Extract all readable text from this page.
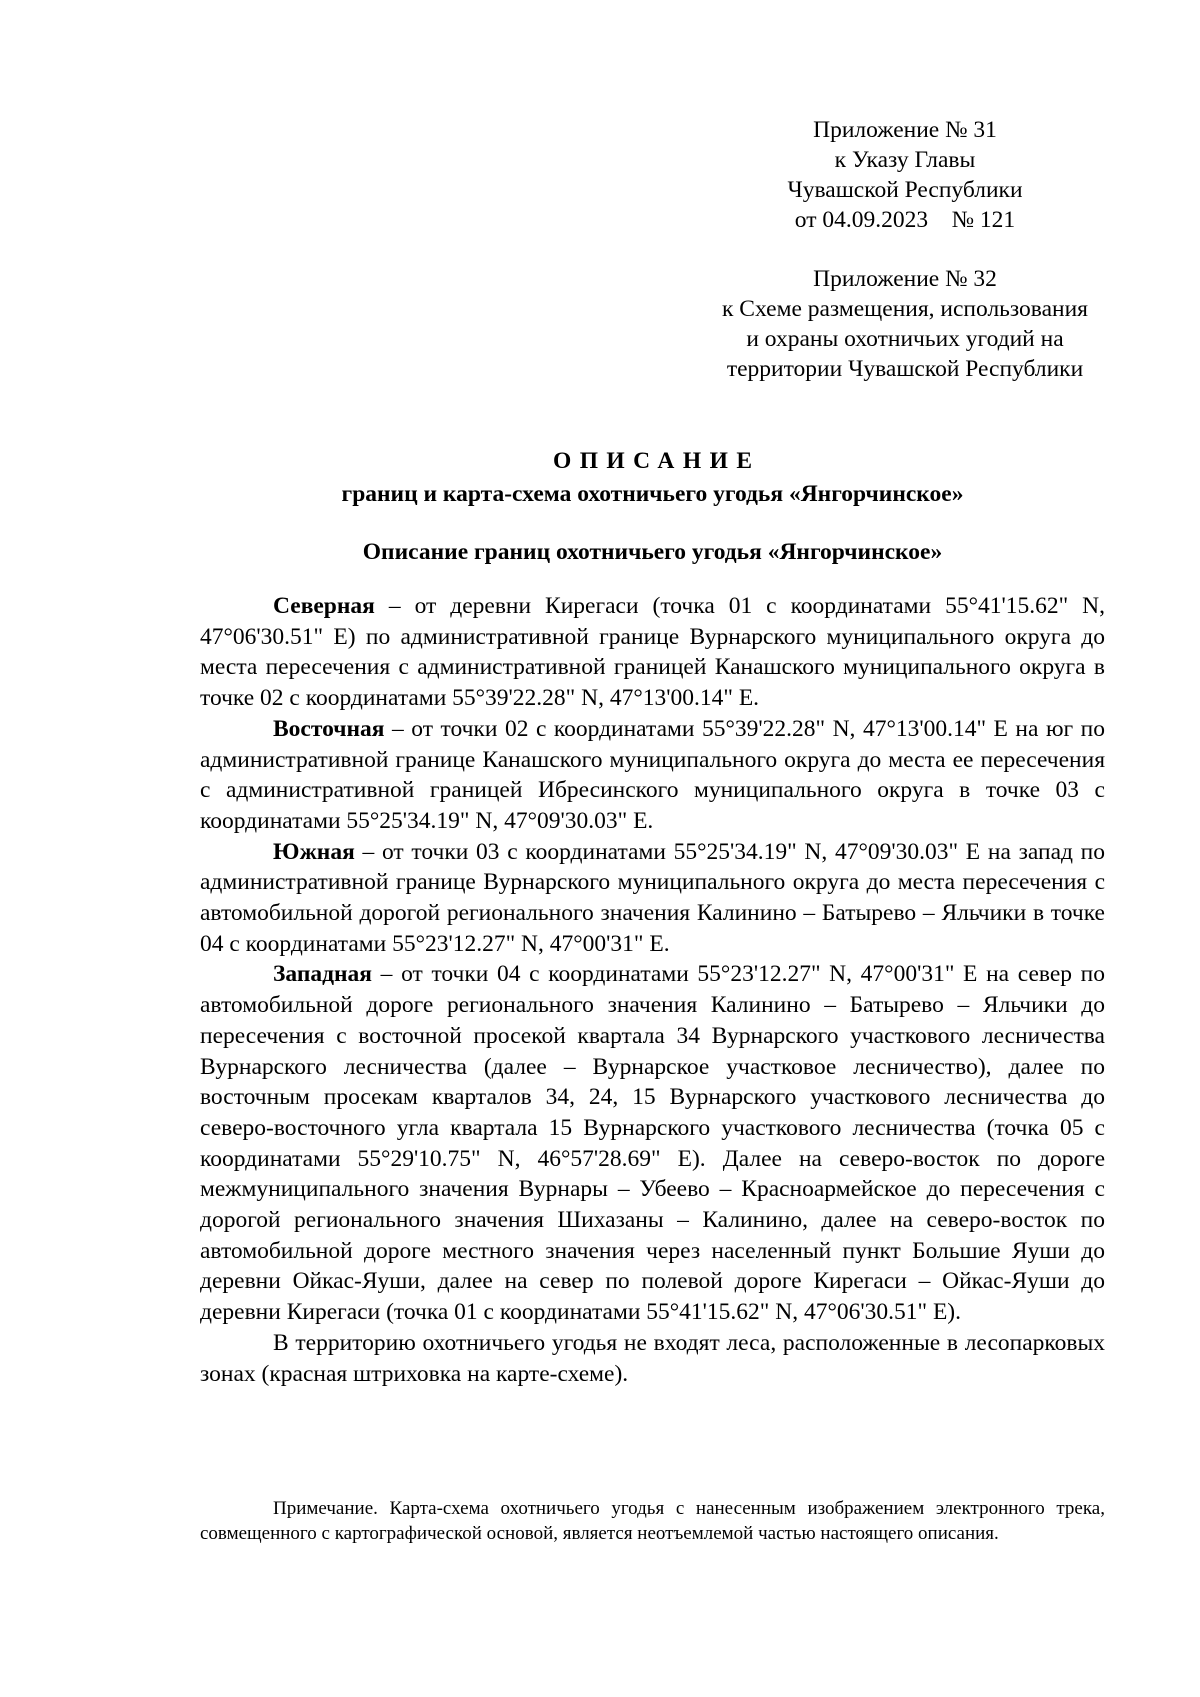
Приложение № 31
к Указу Главы
Чувашской Республики
от 04.09.2023    № 121
Приложение № 32
к Схеме размещения, использования
и охраны охотничьих угодий на
территории Чувашской Республики
ОПИСАНИЕ
границ и карта-схема охотничьего угодья «Янгорчинское»
Описание границ охотничьего угодья «Янгорчинское»

Северная – от деревни Кирегаси (точка 01 с координатами 55°41'15.62" N, 47°06'30.51" E) по административной границе Вурнарского муниципального округа до места пересечения с административной границей Канашского муниципального округа в точке 02 с координатами 55°39'22.28" N, 47°13'00.14" E.

Восточная – от точки 02 с координатами 55°39'22.28" N, 47°13'00.14" E на юг по административной границе Канашского муниципального округа до места ее пересечения с административной границей Ибресинского муниципального округа в точке 03 с координатами 55°25'34.19" N, 47°09'30.03" E.

Южная – от точки 03 с координатами 55°25'34.19" N, 47°09'30.03" E на запад по административной границе Вурнарского муниципального округа до места пересечения с автомобильной дорогой регионального значения Калинино – Батырево – Яльчики в точке 04 с координатами 55°23'12.27" N, 47°00'31" E.

Западная – от точки 04 с координатами 55°23'12.27" N, 47°00'31" E на север по автомобильной дороге регионального значения Калинино – Батырево – Яльчики до пересечения с восточной просекой квартала 34 Вурнарского участкового лесничества Вурнарского лесничества (далее – Вурнарское участковое лесничество), далее по восточным просекам кварталов 34, 24, 15 Вурнарского участкового лесничества до северо-восточного угла квартала 15 Вурнарского участкового лесничества (точка 05 с координатами 55°29'10.75" N, 46°57'28.69" E). Далее на северо-восток по дороге межмуниципального значения Вурнары – Убеево – Красноармейское до пересечения с дорогой регионального значения Шихазаны – Калинино, далее на северо-восток по автомобильной дороге местного значения через населенный пункт Большие Яуши до деревни Ойкас-Яуши, далее на север по полевой дороге Кирегаси – Ойкас-Яуши до деревни Кирегаси (точка 01 с координатами 55°41'15.62" N, 47°06'30.51" E).

В территорию охотничьего угодья не входят леса, расположенные в лесопарковых зонах (красная штриховка на карте-схеме).

Примечание. Карта-схема охотничьего угодья с нанесенным изображением электронного трека, совмещенного с картографической основой, является неотъемлемой частью настоящего описания.
